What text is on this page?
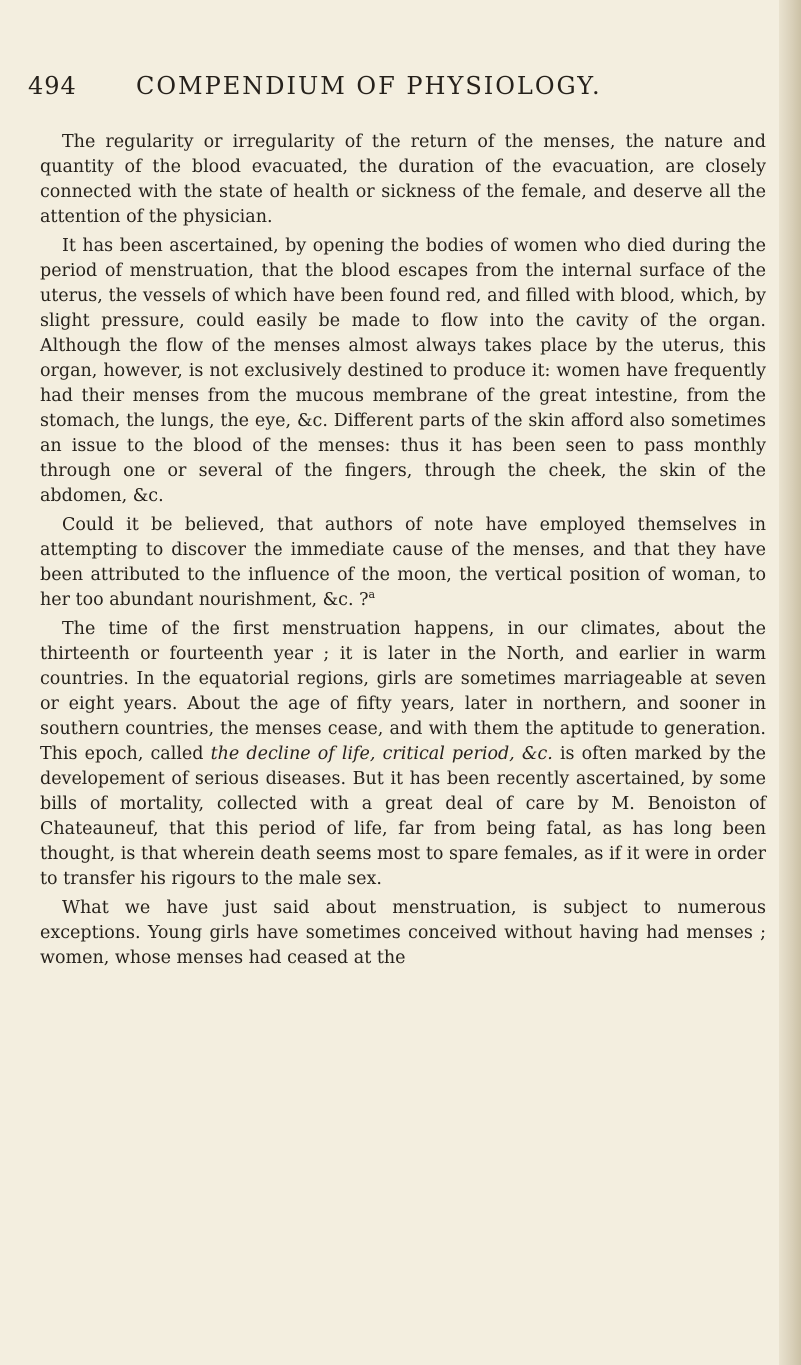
494 COMPENDIUM OF PHYSIOLOGY.

The regularity or irregularity of the return of the menses, the nature and quantity of the blood evacuated, the duration of the evacuation, are closely connected with the state of health or sickness of the female, and deserve all the attention of the physician.

It has been ascertained, by opening the bodies of women who died during the period of menstruation, that the blood escapes from the internal surface of the uterus, the vessels of which have been found red, and filled with blood, which, by slight pressure, could easily be made to flow into the cavity of the organ. Although the flow of the menses almost always takes place by the uterus, this organ, however, is not exclusively destined to produce it: women have frequently had their menses from the mucous membrane of the great intestine, from the stomach, the lungs, the eye, &c. Different parts of the skin afford also sometimes an issue to the blood of the menses: thus it has been seen to pass monthly through one or several of the fingers, through the cheek, the skin of the abdomen, &c.

Could it be believed, that authors of note have employed themselves in attempting to discover the immediate cause of the menses, and that they have been attributed to the influence of the moon, the vertical position of woman, to her too abundant nourishment, &c. ?$^a$

The time of the first menstruation happens, in our climates, about the thirteenth or fourteenth year ; it is later in the North, and earlier in warm countries. In the equatorial regions, girls are sometimes marriageable at seven or eight years. About the age of fifty years, later in northern, and sooner in southern countries, the menses cease, and with them the aptitude to generation. This epoch, called the decline of life, critical period, &c. is often marked by the developement of serious diseases. But it has been recently ascertained, by some bills of mortality, collected with a great deal of care by M. Benoiston of Chateauneuf, that this period of life, far from being fatal, as has long been thought, is that wherein death seems most to spare females, as if it were in order to transfer his rigours to the male sex.

What we have just said about menstruation, is subject to numerous exceptions. Young girls have sometimes conceived without having had menses ; women, whose menses had ceased at the
